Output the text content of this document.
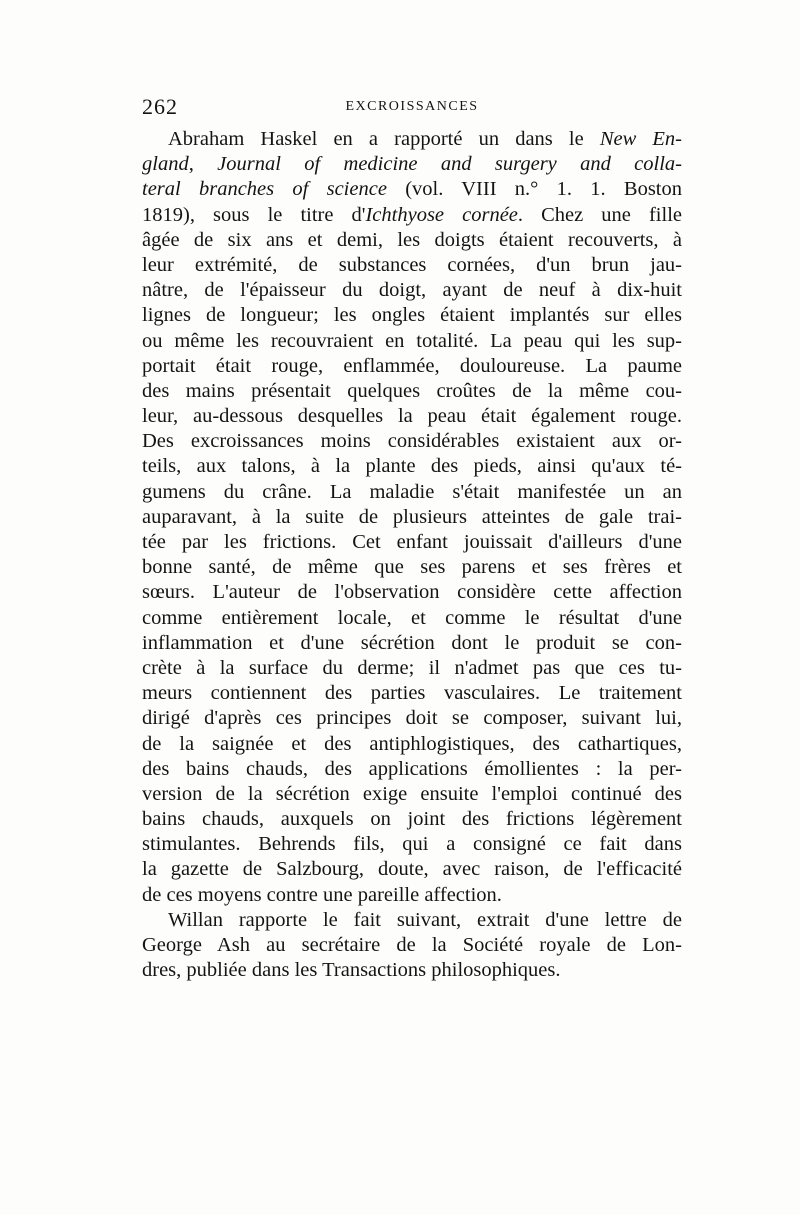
262	EXCROISSANCES
Abraham Haskel en a rapporté un dans le New En-
gland, Journal of medicine and surgery and colla-
teral branches of science (vol. VIII n.° 1. 1. Boston
1819), sous le titre d'Ichthyose cornée. Chez une fille
âgée de six ans et demi, les doigts étaient recouverts, à
leur extrémité, de substances cornées, d'un brun jau-
nâtre, de l'épaisseur du doigt, ayant de neuf à dix-huit
lignes de longueur; les ongles étaient implantés sur elles
ou même les recouvraient en totalité. La peau qui les sup-
portait était rouge, enflammée, douloureuse. La paume
des mains présentait quelques croûtes de la même cou-
leur, au-dessous desquelles la peau était également rouge.
Des excroissances moins considérables existaient aux or-
teils, aux talons, à la plante des pieds, ainsi qu'aux té-
gumens du crâne. La maladie s'était manifestée un an
auparavant, à la suite de plusieurs atteintes de gale trai-
tée par les frictions. Cet enfant jouissait d'ailleurs d'une
bonne santé, de même que ses parens et ses frères et
sœurs. L'auteur de l'observation considère cette affection
comme entièrement locale, et comme le résultat d'une
inflammation et d'une sécrétion dont le produit se con-
crète à la surface du derme; il n'admet pas que ces tu-
meurs contiennent des parties vasculaires. Le traitement
dirigé d'après ces principes doit se composer, suivant lui,
de la saignée et des antiphlogistiques, des cathartiques,
des bains chauds, des applications émollientes : la per-
version de la sécrétion exige ensuite l'emploi continué des
bains chauds, auxquels on joint des frictions légèrement
stimulantes. Behrends fils, qui a consigné ce fait dans
la gazette de Salzbourg, doute, avec raison, de l'efficacité
de ces moyens contre une pareille affection.
Willan rapporte le fait suivant, extrait d'une lettre de
George Ash au secrétaire de la Société royale de Lon-
dres, publiée dans les Transactions philosophiques.
